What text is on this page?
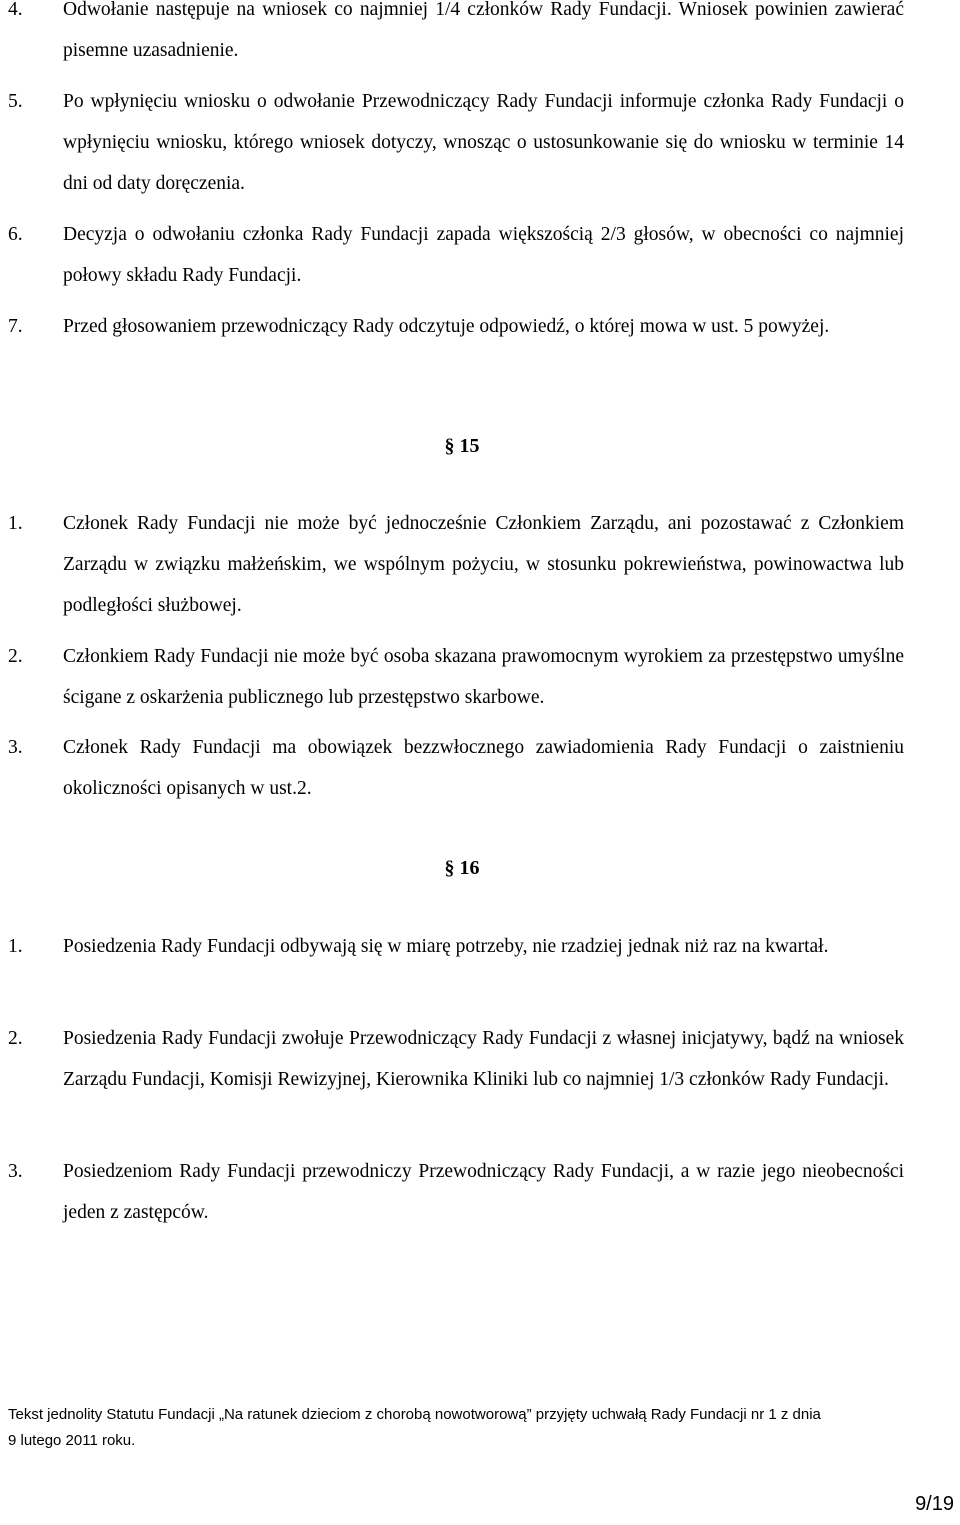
4. Odwołanie następuje na wniosek co najmniej 1/4 członków Rady Fundacji. Wniosek powinien zawierać pisemne uzasadnienie.
5. Po wpłynięciu wniosku o odwołanie Przewodniczący Rady Fundacji informuje członka Rady Fundacji o wpłynięciu wniosku, którego wniosek dotyczy, wnosząc o ustosunkowanie się do wniosku w terminie 14 dni od daty doręczenia.
6. Decyzja o odwołaniu członka Rady Fundacji zapada większością 2/3 głosów, w obecności co najmniej połowy składu Rady Fundacji.
7. Przed głosowaniem przewodniczący Rady odczytuje odpowiedź, o której mowa w ust. 5 powyżej.
§ 15
1. Członek Rady Fundacji nie może być jednocześnie Członkiem Zarządu, ani pozostawać z Członkiem Zarządu w związku małżeńskim, we wspólnym pożyciu, w stosunku pokrewieństwa, powinowactwa lub podległości służbowej.
2. Członkiem Rady Fundacji nie może być osoba skazana prawomocnym wyrokiem za przestępstwo umyślne ścigane z oskarżenia publicznego lub przestępstwo skarbowe.
3. Członek Rady Fundacji ma obowiązek bezzwłocznego zawiadomienia Rady Fundacji o zaistnieniu okoliczności opisanych w ust.2.
§ 16
1. Posiedzenia Rady Fundacji odbywają się w miarę potrzeby, nie rzadziej jednak niż raz na kwartał.
2. Posiedzenia Rady Fundacji zwołuje Przewodniczący Rady Fundacji z własnej inicjatywy, bądź na wniosek Zarządu Fundacji, Komisji Rewizyjnej, Kierownika Kliniki lub co najmniej 1/3 członków Rady Fundacji.
3. Posiedzeniom Rady Fundacji przewodniczy Przewodniczący Rady Fundacji, a w razie jego nieobecności jeden z zastępców.
Tekst jednolity Statutu Fundacji „Na ratunek dzieciom z chorobą nowotworową” przyjęty uchwałą Rady Fundacji nr 1 z dnia
9 lutego 2011 roku.
9/19
